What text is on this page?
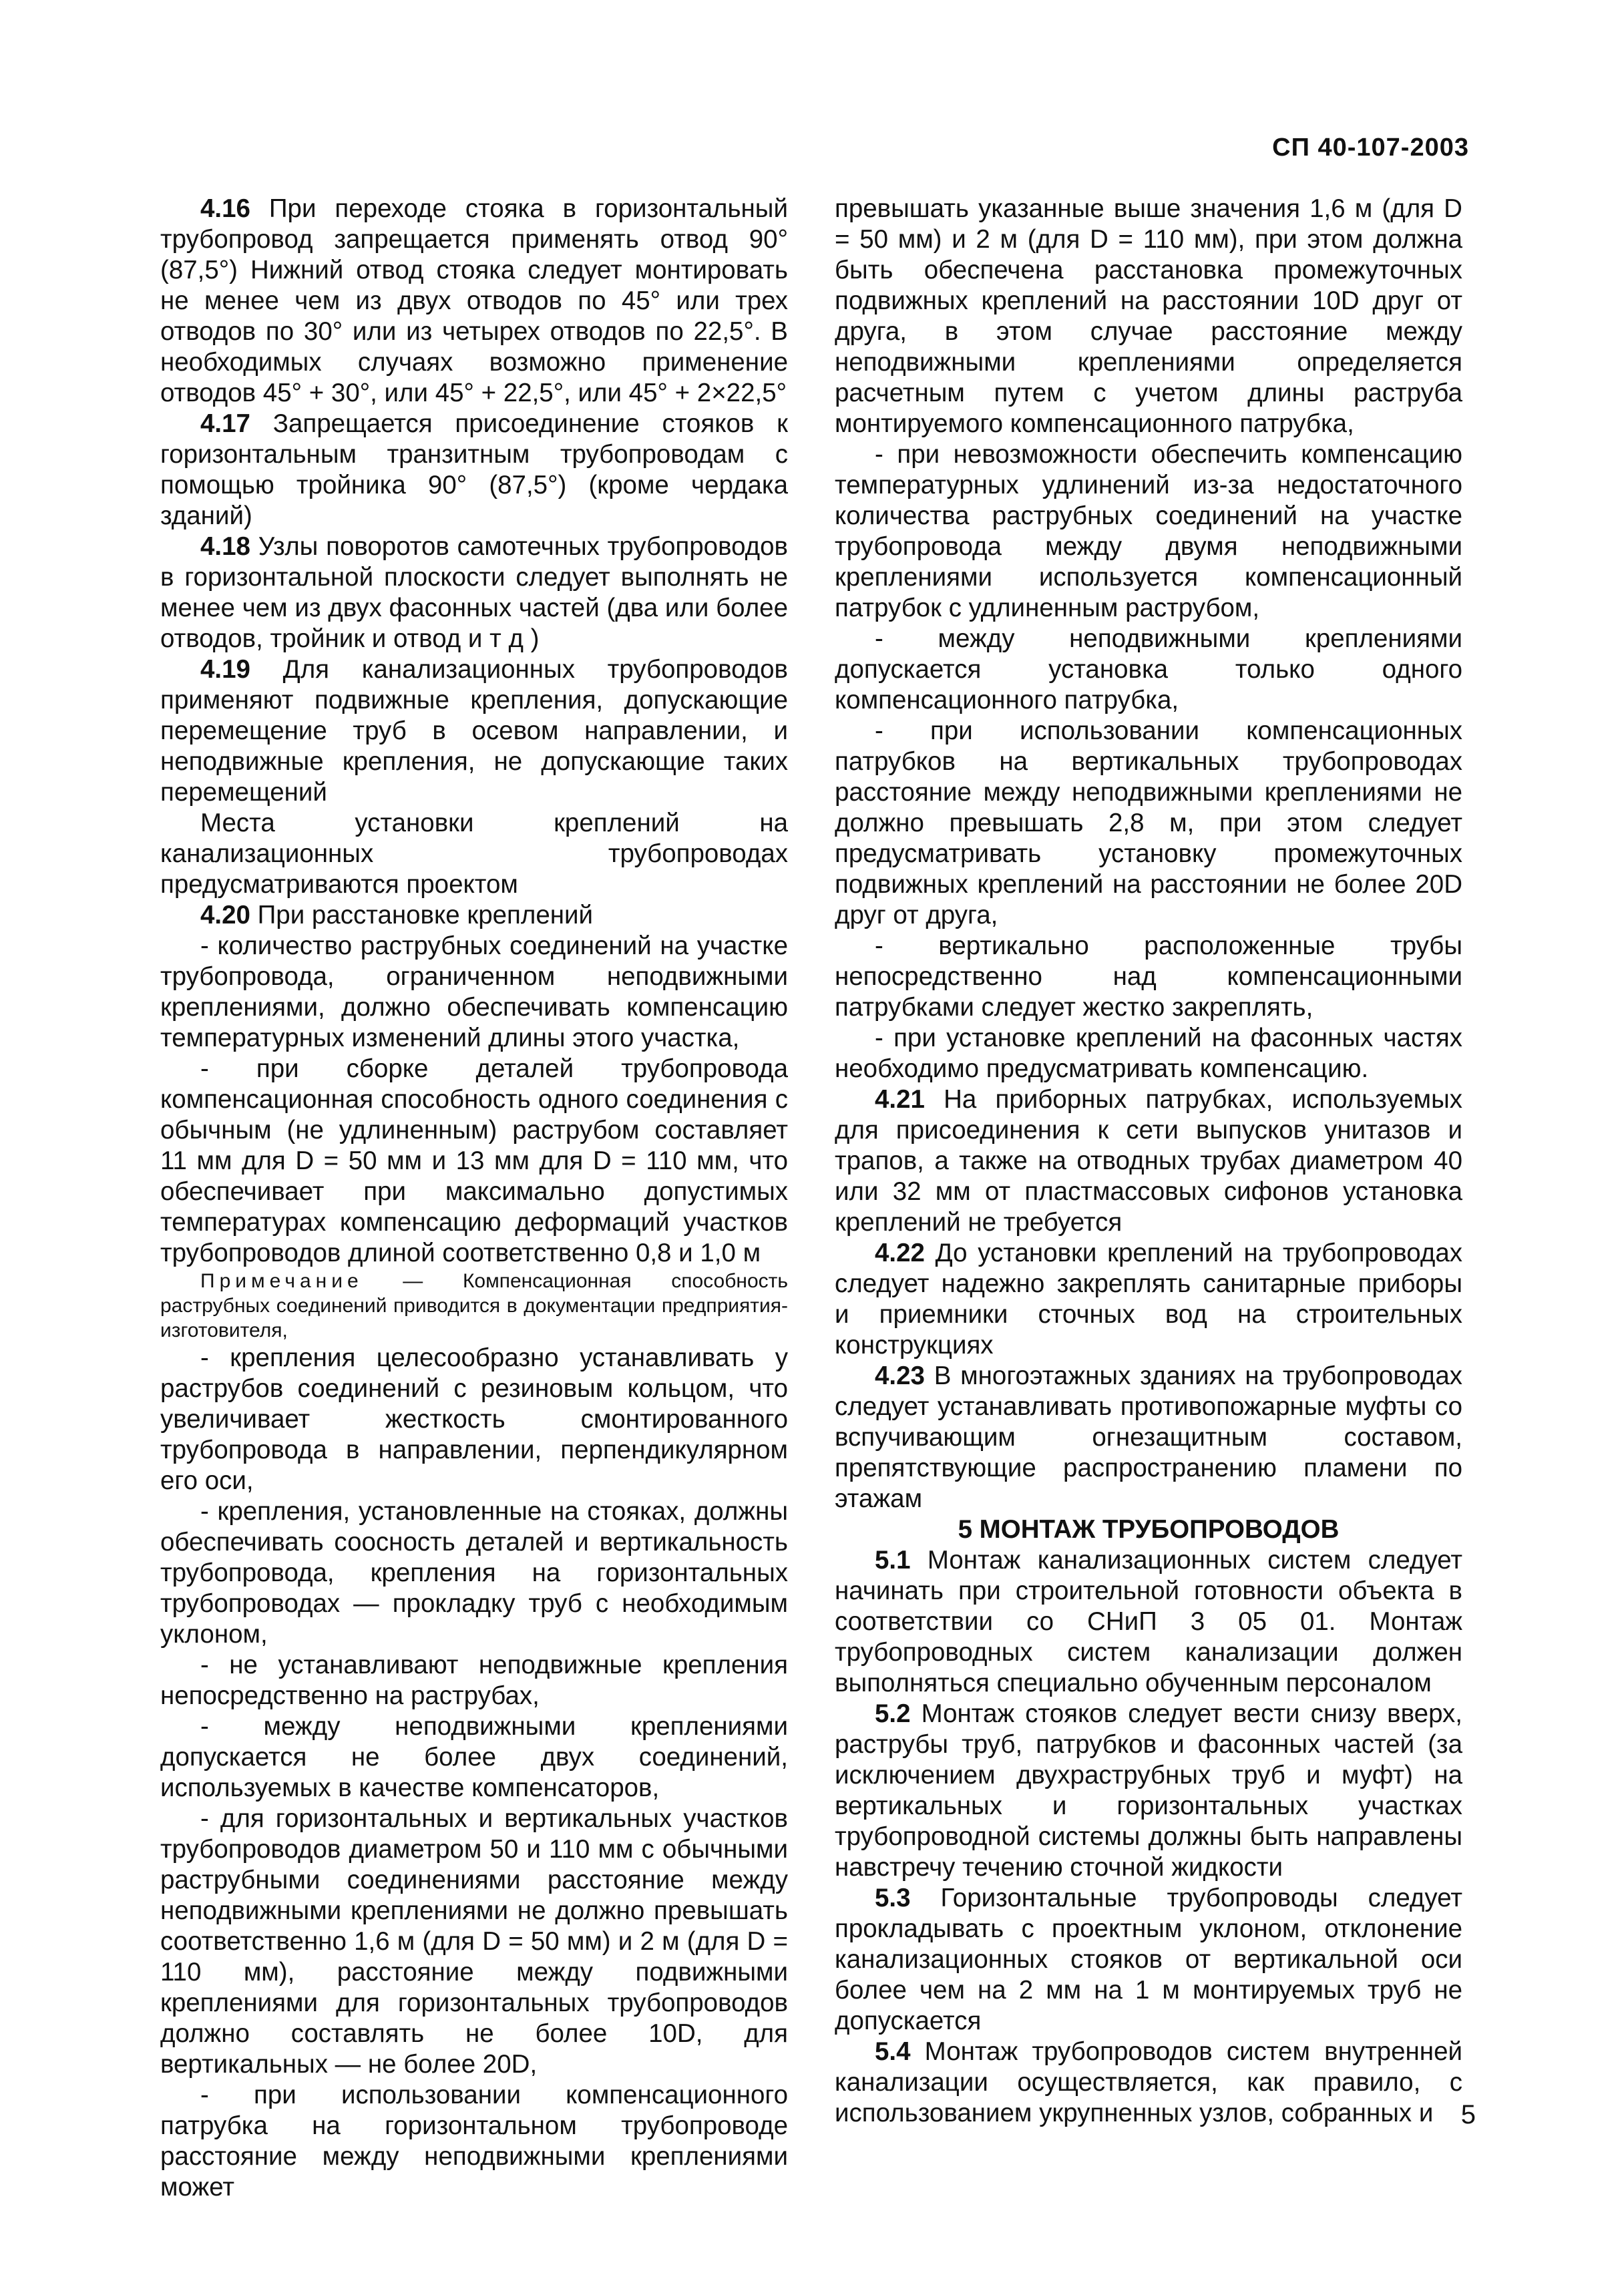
СП 40-107-2003

4.16 При переходе стояка в горизонтальный трубопровод запрещается применять отвод 90° (87,5°) Нижний отвод стояка следует монтировать не менее чем из двух отводов по 45° или трех отводов по 30° или из четырех отводов по 22,5°. В необходимых случаях возможно применение отводов 45° + 30°, или 45° + 22,5°, или 45° + 2×22,5°

4.17 Запрещается присоединение стояков к горизонтальным транзитным трубопроводам с помощью тройника 90° (87,5°) (кроме чердака зданий)

4.18 Узлы поворотов самотечных трубопроводов в горизонтальной плоскости следует выполнять не менее чем из двух фасонных частей (два или более отводов, тройник и отвод и т д )

4.19 Для канализационных трубопроводов применяют подвижные крепления, допускающие перемещение труб в осевом направлении, и неподвижные крепления, не допускающие таких перемещений

Места установки креплений на канализационных трубопроводах предусматриваются проектом

4.20 При расстановке креплений

- количество раструбных соединений на участке трубопровода, ограниченном неподвижными креплениями, должно обеспечивать компенсацию температурных изменений длины этого участка,

- при сборке деталей трубопровода компенсационная способность одного соединения с обычным (не удлиненным) раструбом составляет 11 мм для D = 50 мм и 13 мм для D = 110 мм, что обеспечивает при максимально допустимых температурах компенсацию деформаций участков трубопроводов длиной соответственно 0,8 и 1,0 м

Примечание — Компенсационная способность раструбных соединений приводится в документации предприятия-изготовителя,

- крепления целесообразно устанавливать у раструбов соединений с резиновым кольцом, что увеличивает жесткость смонтированного трубопровода в направлении, перпендикулярном его оси,

- крепления, установленные на стояках, должны обеспечивать соосность деталей и вертикальность трубопровода, крепления на горизонтальных трубопроводах — прокладку труб с необходимым уклоном,

- не устанавливают неподвижные крепления непосредственно на раструбах,

- между неподвижными креплениями допускается не более двух соединений, используемых в качестве компенсаторов,

- для горизонтальных и вертикальных участков трубопроводов диаметром 50 и 110 мм с обычными раструбными соединениями расстояние между неподвижными креплениями не должно превышать соответственно 1,6 м (для D = 50 мм) и 2 м (для D = 110 мм), расстояние между подвижными креплениями для горизонтальных трубопроводов должно составлять не более 10D, для вертикальных — не более 20D,

- при использовании компенсационного патрубка на горизонтальном трубопроводе расстояние между неподвижными креплениями может

превышать указанные выше значения 1,6 м (для D = 50 мм) и 2 м (для D = 110 мм), при этом должна быть обеспечена расстановка промежуточных подвижных креплений на расстоянии 10D друг от друга, в этом случае расстояние между неподвижными креплениями определяется расчетным путем с учетом длины раструба монтируемого компенсационного патрубка,

- при невозможности обеспечить компенсацию температурных удлинений из-за недостаточного количества раструбных соединений на участке трубопровода между двумя неподвижными креплениями используется компенсационный патрубок с удлиненным раструбом,

- между неподвижными креплениями допускается установка только одного компенсационного патрубка,

- при использовании компенсационных патрубков на вертикальных трубопроводах расстояние между неподвижными креплениями не должно превышать 2,8 м, при этом следует предусматривать установку промежуточных подвижных креплений на расстоянии не более 20D друг от друга,

- вертикально расположенные трубы непосредственно над компенсационными патрубками следует жестко закреплять,

- при установке креплений на фасонных частях необходимо предусматривать компенсацию.

4.21 На приборных патрубках, используемых для присоединения к сети выпусков унитазов и трапов, а также на отводных трубах диаметром 40 или 32 мм от пластмассовых сифонов установка креплений не требуется

4.22 До установки креплений на трубопроводах следует надежно закреплять санитарные приборы и приемники сточных вод на строительных конструкциях

4.23 В многоэтажных зданиях на трубопроводах следует устанавливать противопожарные муфты со вспучивающим огнезащитным составом, препятствующие распространению пламени по этажам

5 МОНТАЖ ТРУБОПРОВОДОВ

5.1 Монтаж канализационных систем следует начинать при строительной готовности объекта в соответствии со СНиП 3 05 01. Монтаж трубопроводных систем канализации должен выполняться специально обученным персоналом

5.2 Монтаж стояков следует вести снизу вверх, раструбы труб, патрубков и фасонных частей (за исключением двухраструбных труб и муфт) на вертикальных и горизонтальных участках трубопроводной системы должны быть направлены навстречу течению сточной жидкости

5.3 Горизонтальные трубопроводы следует прокладывать с проектным уклоном, отклонение канализационных стояков от вертикальной оси более чем на 2 мм на 1 м монтируемых труб не допускается

5.4 Монтаж трубопроводов систем внутренней канализации осуществляется, как правило, с использованием укрупненных узлов, собранных и	5
